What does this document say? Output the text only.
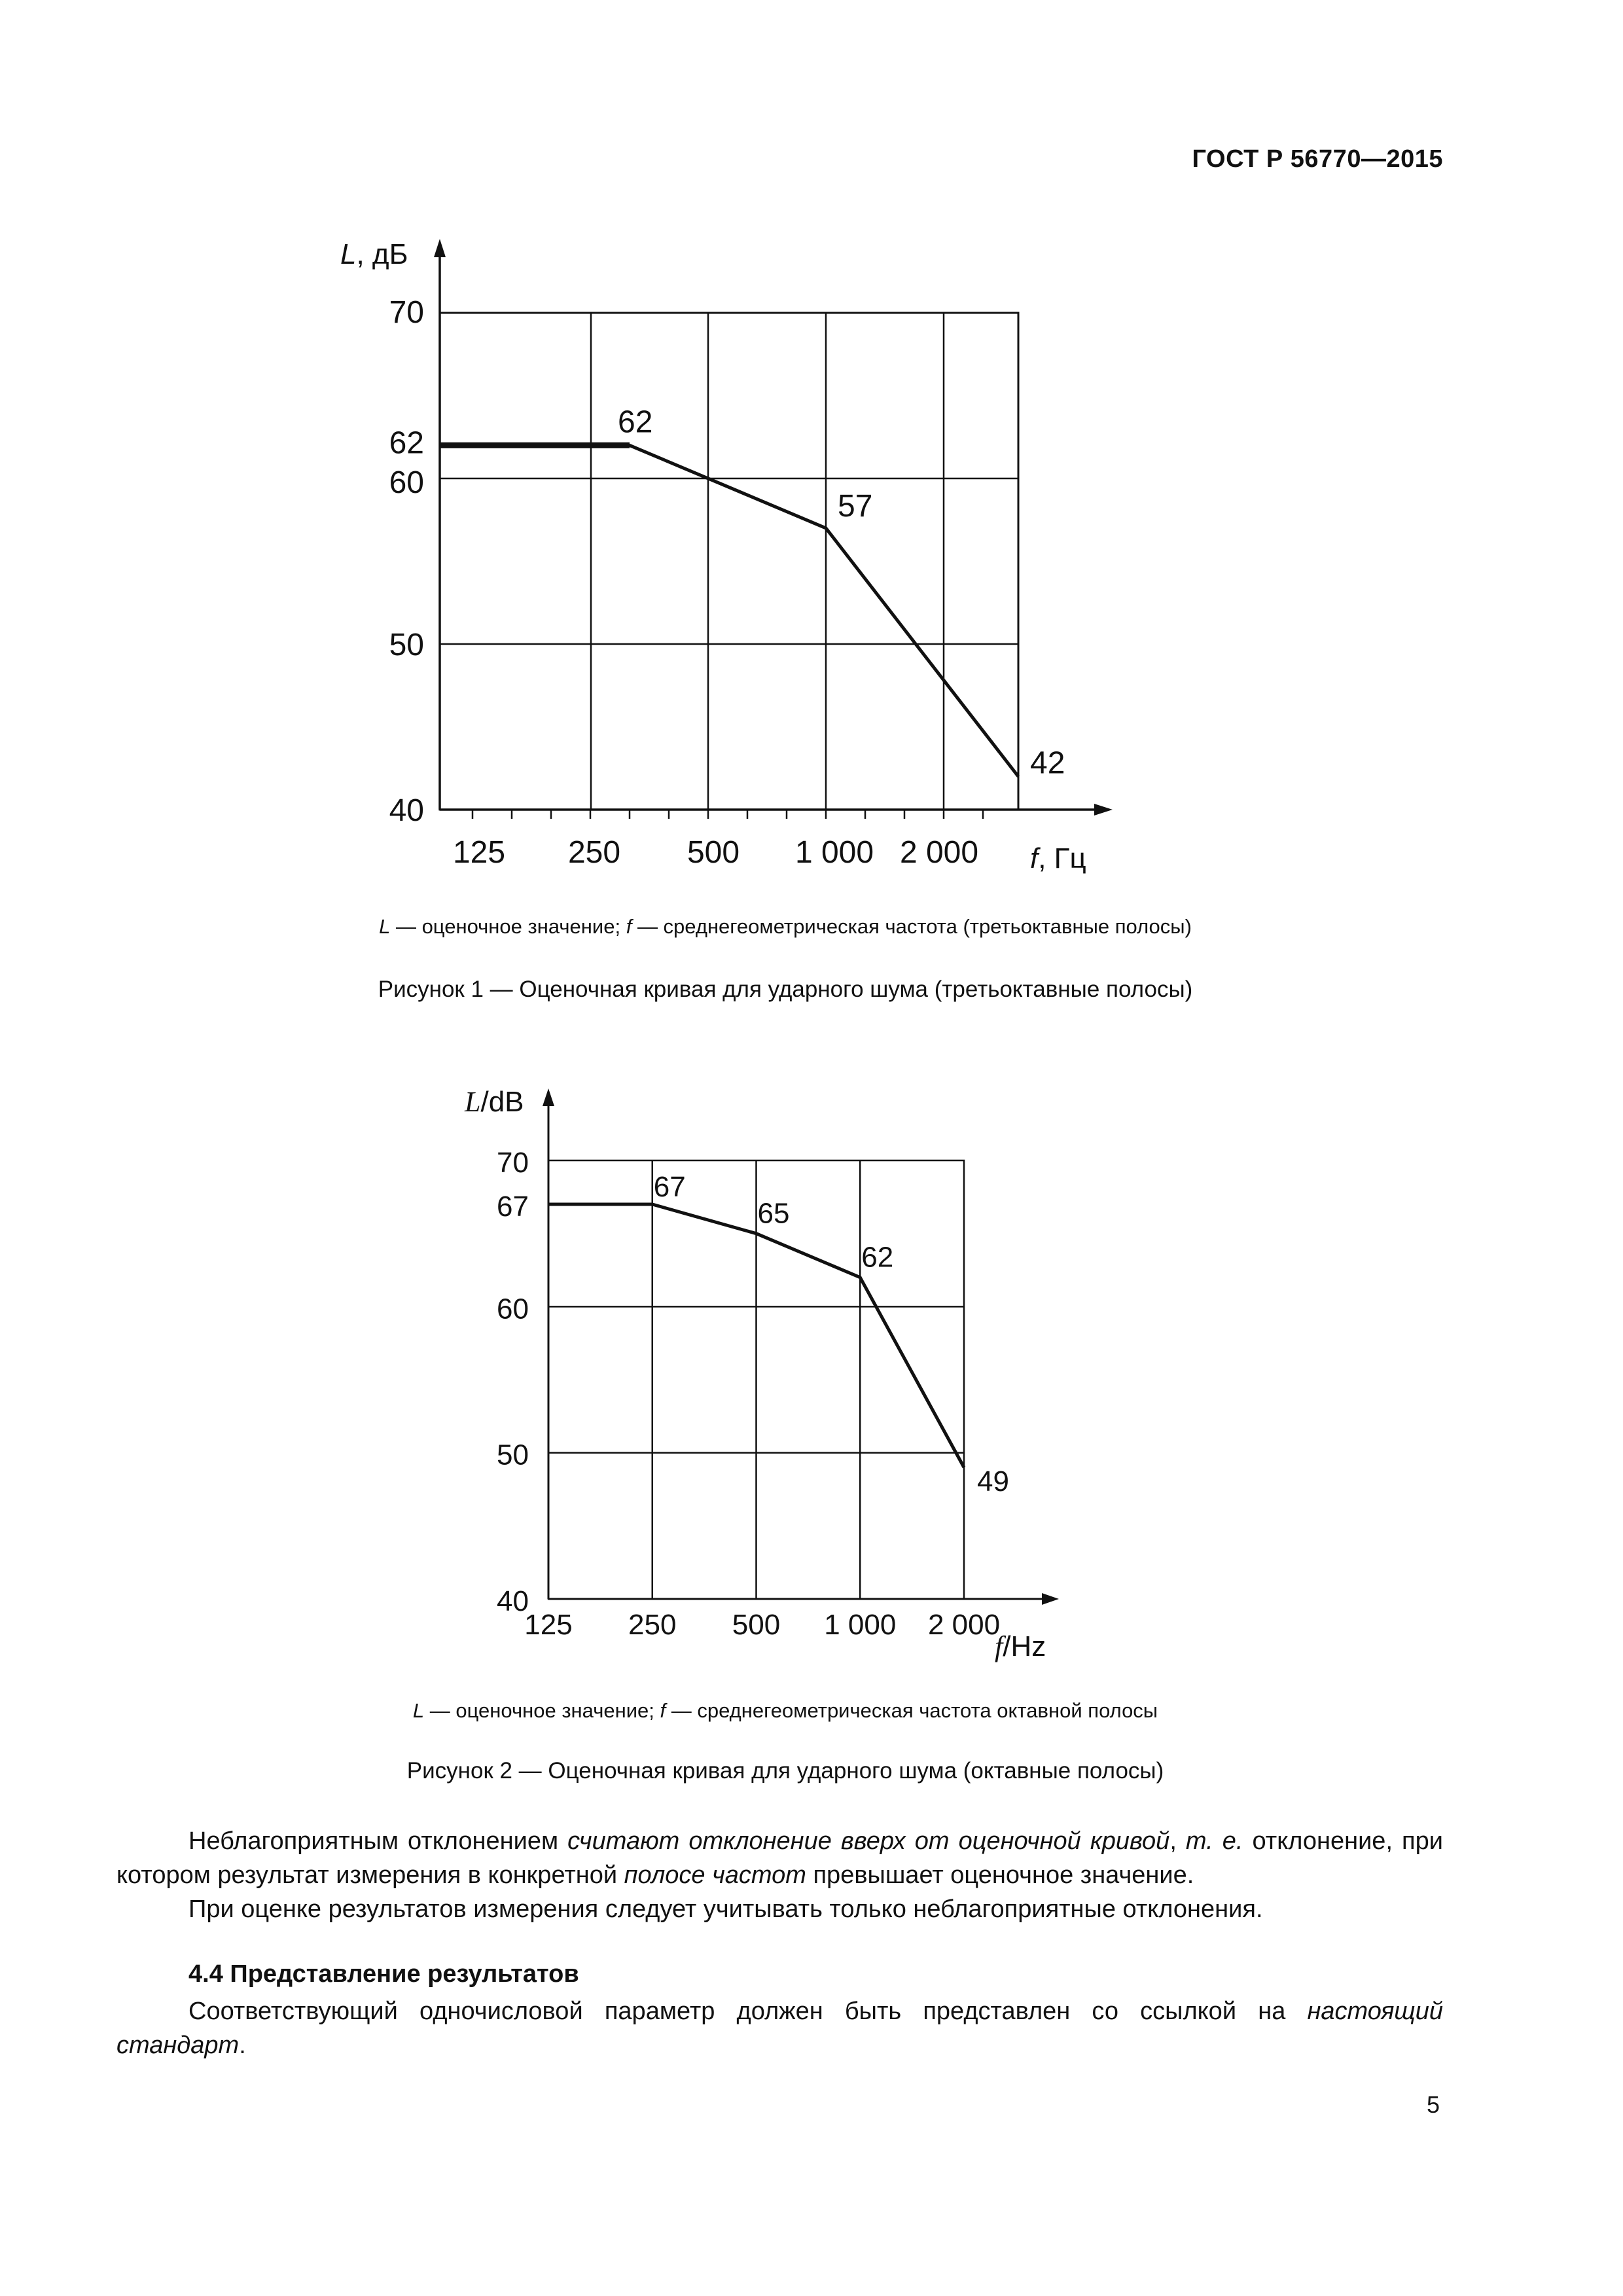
ГОСТ Р 56770—2015
70
62
60
50
40
125 250 500 1 000 2 000
L, дБ
f, Гц
62
57
42
L — оценочное значение; f — среднегеометрическая частота (третьоктавные полосы)
Рисунок 1 — Оценочная кривая для ударного шума (третьоктавные полосы)
70
67
60
50
40
125 250 500 1 000 2 000
L/dB
f/Hz
67
65
62
49
L — оценочное значение; f — среднегеометрическая частота октавной полосы
Рисунок 2 — Оценочная кривая для ударного шума (октавные полосы)
Неблагоприятным отклонением считают отклонение вверх от оценочной кривой, т. е. отклонение, при котором результат измерения в конкретной полосе частот превышает оценочное значение.
При оценке результатов измерения следует учитывать только неблагоприятные отклонения.
4.4 Представление результатов
Соответствующий одночисловой параметр должен быть представлен со ссылкой на настоящий стандарт.
5
